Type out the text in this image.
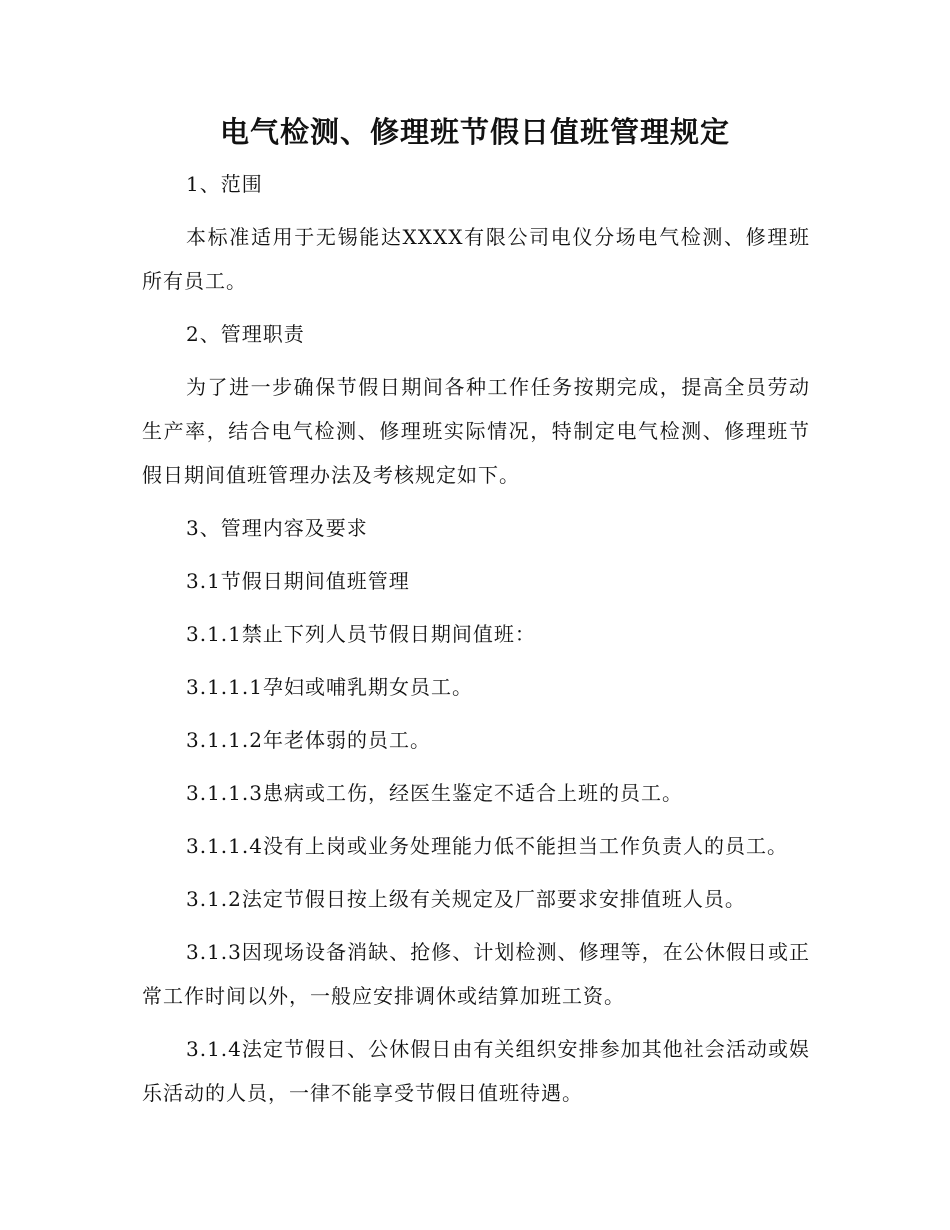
电气检测、修理班节假日值班管理规定

1、范围

本标准适用于无锡能达XXXX有限公司电仪分场电气检测、修理班所有员工。

2、管理职责

为了进一步确保节假日期间各种工作任务按期完成，提高全员劳动生产率，结合电气检测、修理班实际情况，特制定电气检测、修理班节假日期间值班管理办法及考核规定如下。

3、管理内容及要求

3.1节假日期间值班管理

3.1.1禁止下列人员节假日期间值班：

3.1.1.1孕妇或哺乳期女员工。

3.1.1.2年老体弱的员工。

3.1.1.3患病或工伤，经医生鉴定不适合上班的员工。

3.1.1.4没有上岗或业务处理能力低不能担当工作负责人的员工。

3.1.2法定节假日按上级有关规定及厂部要求安排值班人员。

3.1.3因现场设备消缺、抢修、计划检测、修理等，在公休假日或正常工作时间以外，一般应安排调休或结算加班工资。

3.1.4法定节假日、公休假日由有关组织安排参加其他社会活动或娱乐活动的人员，一律不能享受节假日值班待遇。
